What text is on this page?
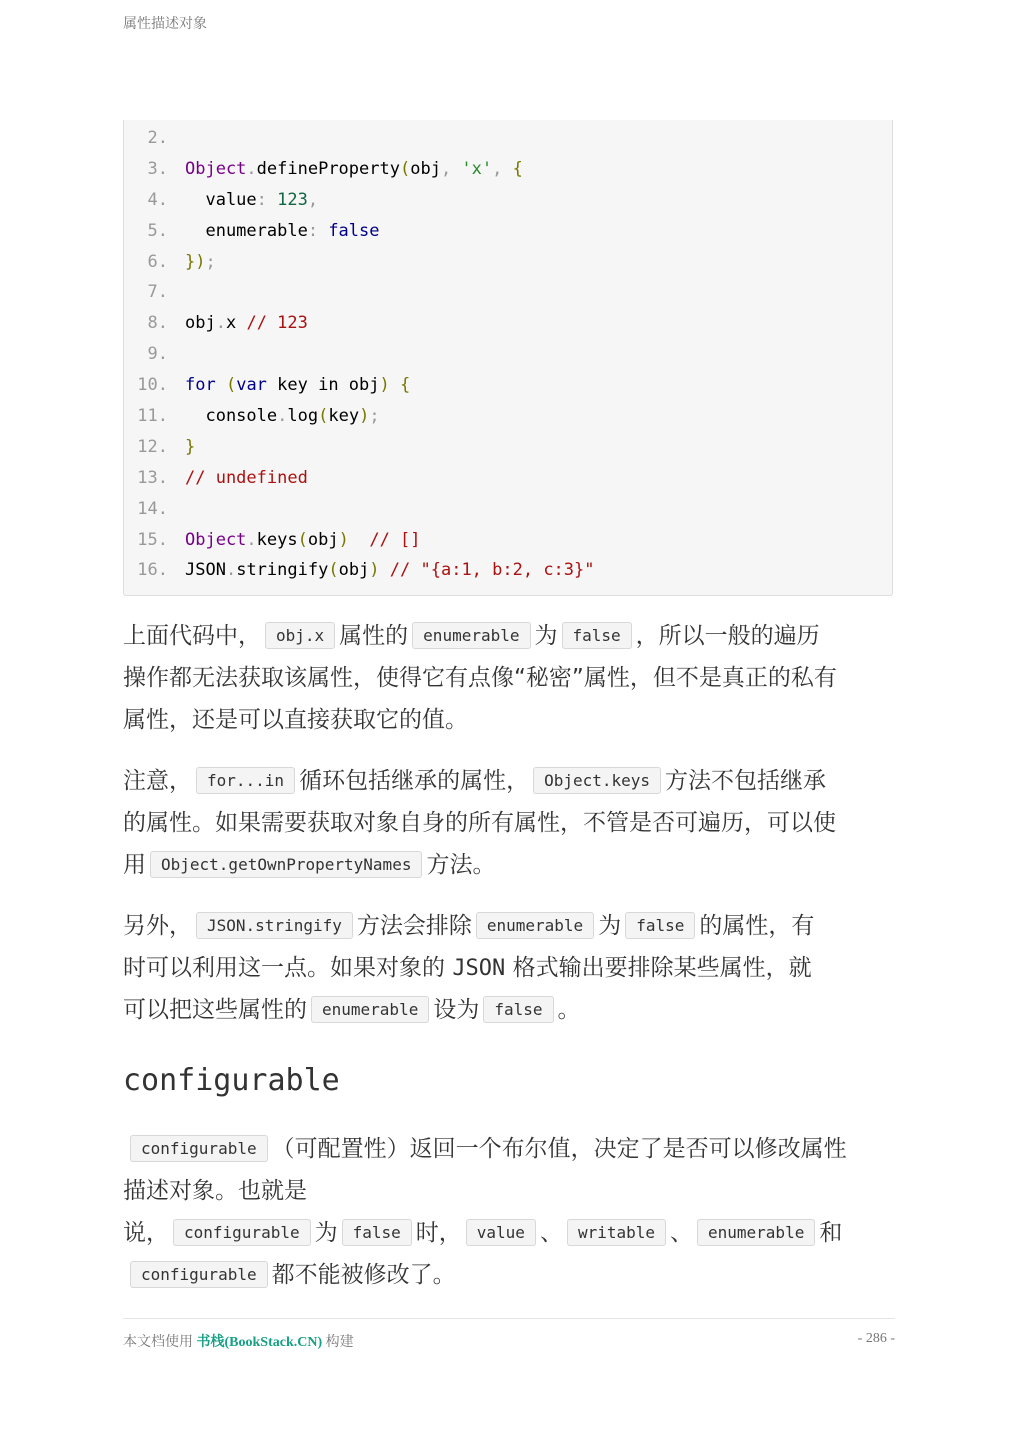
属性描述对象
2.
3. Object.defineProperty(obj, 'x', {
4. value: 123,
5. enumerable: false
6. });
7.
8. obj.x // 123
9.
10. for (var key in obj) {
11. console.log(key);
12. }
13. // undefined
14.
15. Object.keys(obj) // []
16. JSON.stringify(obj) // "{a:1, b:2, c:3}"
上面代码中， obj.x 属性的 enumerable 为 false ，所以一般的遍历
操作都无法获取该属性，使得它有点像“秘密”属性，但不是真正的私有
属性，还是可以直接获取它的值。
注意， for...in 循环包括继承的属性， Object.keys 方法不包括继承
的属性。如果需要获取对象自身的所有属性，不管是否可遍历，可以使
用 Object.getOwnPropertyNames 方法。
另外， JSON.stringify 方法会排除 enumerable 为 false 的属性，有
时可以利用这一点。如果对象的 JSON 格式输出要排除某些属性，就
可以把这些属性的 enumerable 设为 false 。
configurable
configurable （可配置性）返回一个布尔值，决定了是否可以修改属性
描述对象。也就是
说， configurable 为 false 时， value 、 writable 、 enumerable 和
configurable 都不能被修改了。
本文档使用 书栈(BookStack.CN) 构建	- 286 -
